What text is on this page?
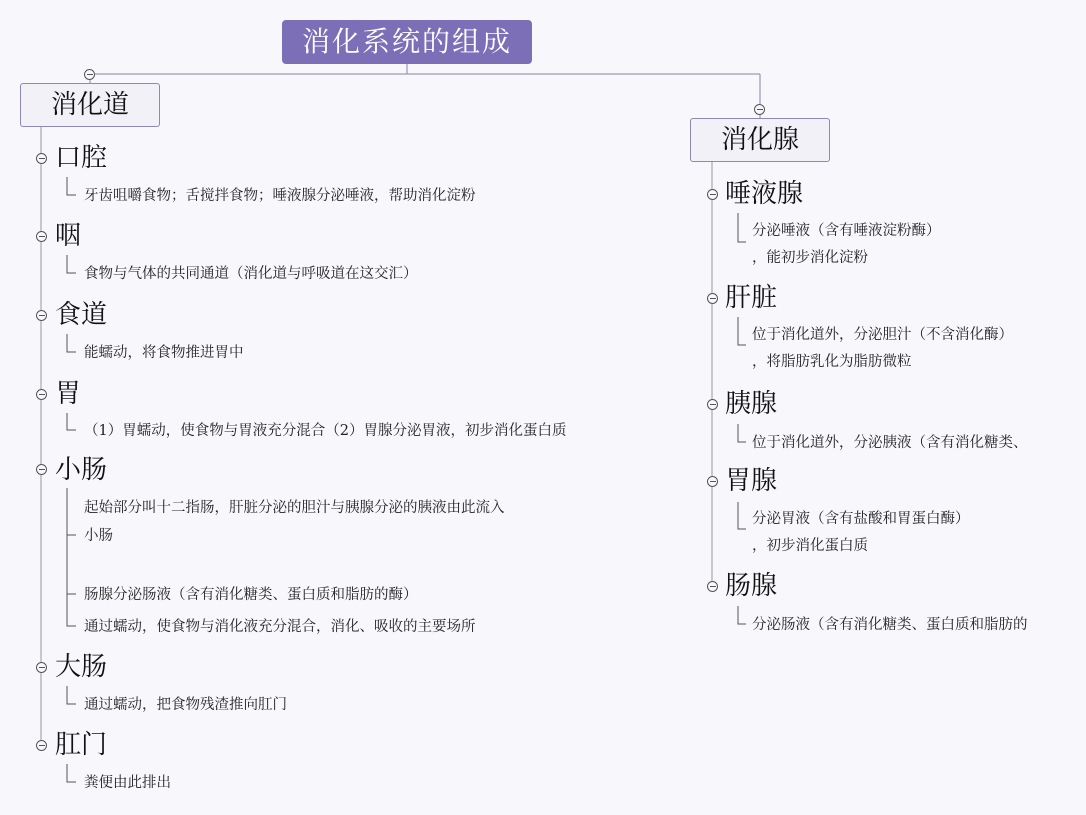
消化系统的组成
消化道
消化腺
口腔
牙齿咀嚼食物；舌搅拌食物；唾液腺分泌唾液，帮助消化淀粉
咽
食物与气体的共同通道（消化道与呼吸道在这交汇）
食道
能蠕动，将食物推进胃中
胃
（1）胃蠕动，使食物与胃液充分混合（2）胃腺分泌胃液，初步消化蛋白质
小肠
起始部分叫十二指肠，肝脏分泌的胆汁与胰腺分泌的胰液由此流入
小肠
肠腺分泌肠液（含有消化糖类、蛋白质和脂肪的酶）
通过蠕动，使食物与消化液充分混合，消化、吸收的主要场所
大肠
通过蠕动，把食物残渣推向肛门
肛门
粪便由此排出
唾液腺
分泌唾液（含有唾液淀粉酶）
，能初步消化淀粉
肝脏
位于消化道外，分泌胆汁（不含消化酶）
，将脂肪乳化为脂肪微粒
胰腺
位于消化道外，分泌胰液（含有消化糖类、
胃腺
分泌胃液（含有盐酸和胃蛋白酶）
，初步消化蛋白质
肠腺
分泌肠液（含有消化糖类、蛋白质和脂肪的
